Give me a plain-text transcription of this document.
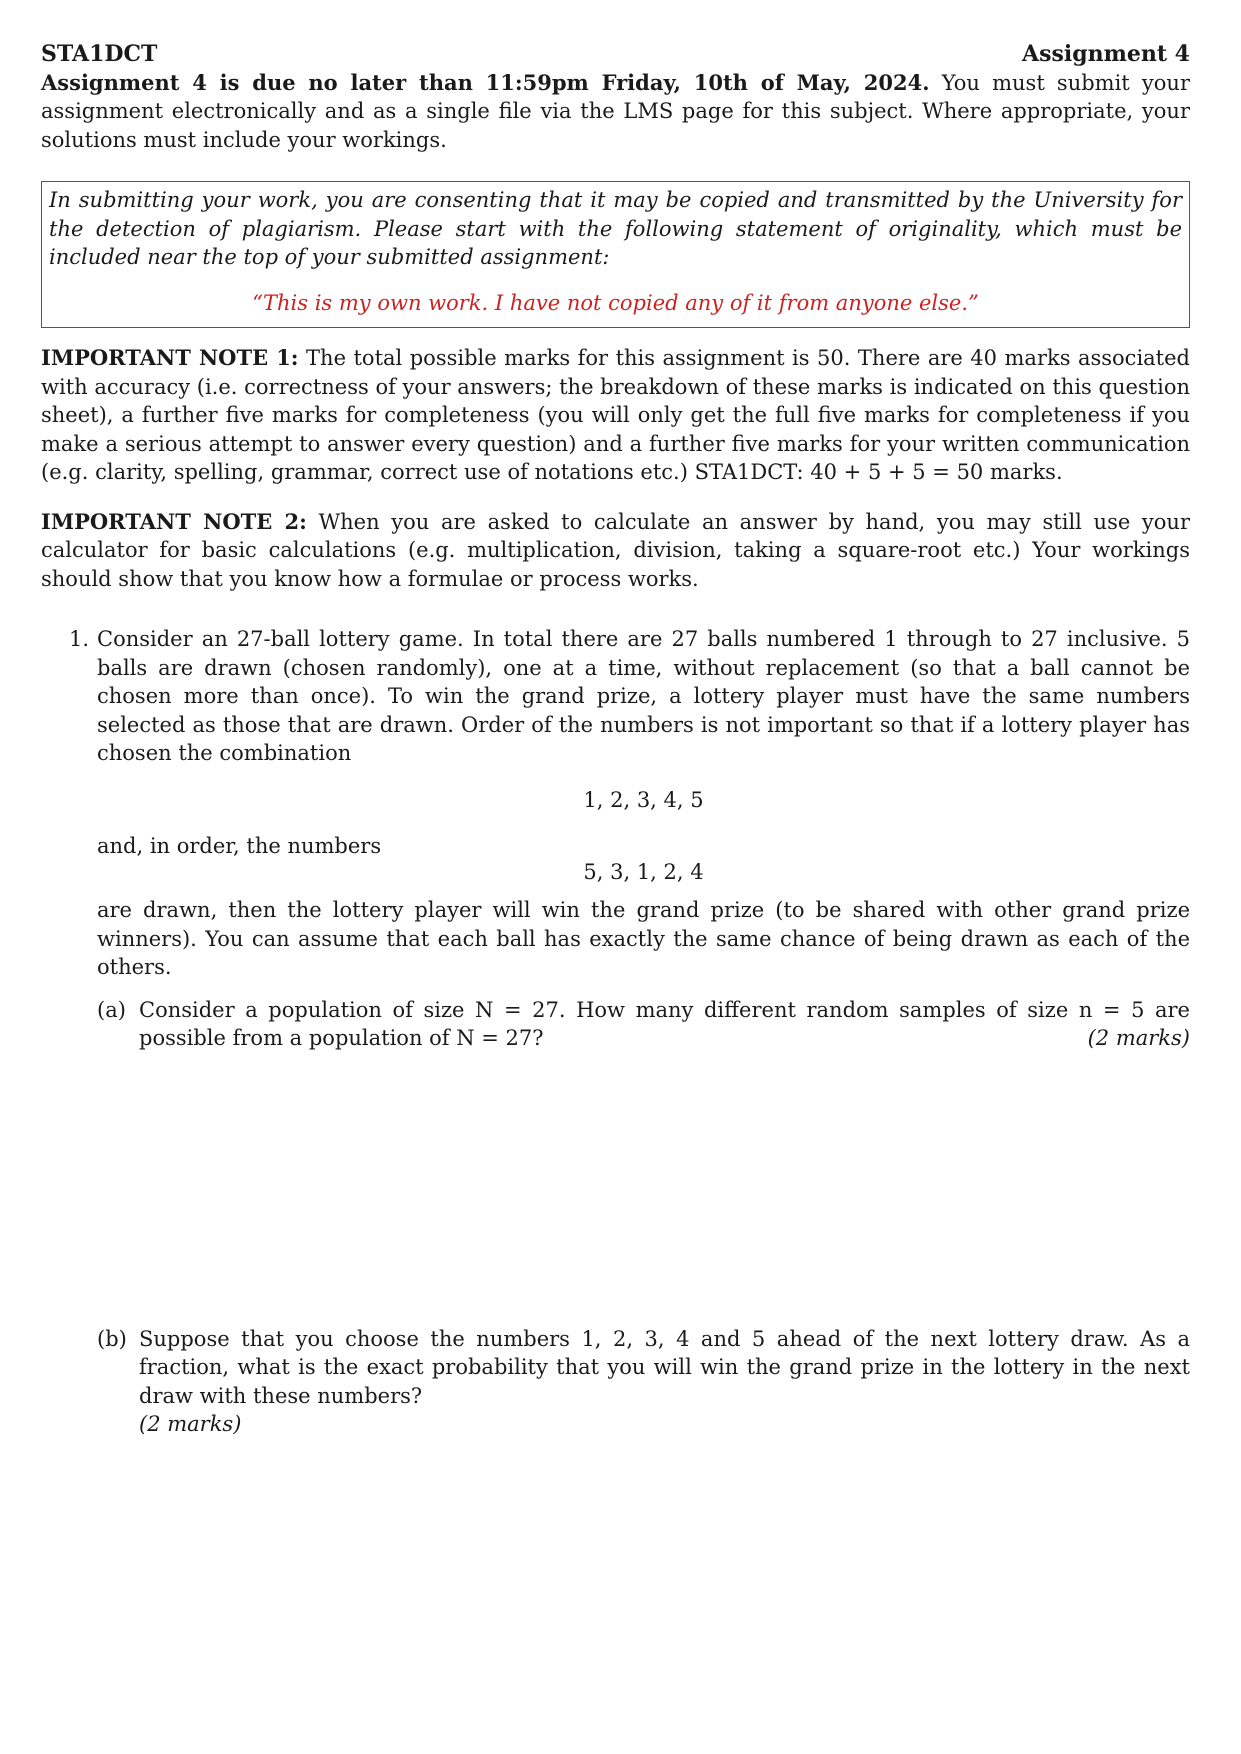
STA1DCT	Assignment 4

Assignment 4 is due no later than 11:59pm Friday, 10th of May, 2024. You must submit your assignment electronically and as a single file via the LMS page for this subject. Where appropriate, your solutions must include your workings.

In submitting your work, you are consenting that it may be copied and transmitted by the University for the detection of plagiarism. Please start with the following statement of originality, which must be included near the top of your submitted assignment:
“This is my own work. I have not copied any of it from anyone else.”

IMPORTANT NOTE 1: The total possible marks for this assignment is 50. There are 40 marks associated with accuracy (i.e. correctness of your answers; the breakdown of these marks is indicated on this question sheet), a further five marks for completeness (you will only get the full five marks for completeness if you make a serious attempt to answer every question) and a further five marks for your written communication (e.g. clarity, spelling, grammar, correct use of notations etc.) STA1DCT: 40 + 5 + 5 = 50 marks.

IMPORTANT NOTE 2: When you are asked to calculate an answer by hand, you may still use your calculator for basic calculations (e.g. multiplication, division, taking a square-root etc.) Your workings should show that you know how a formulae or process works.

1. Consider an 27-ball lottery game. In total there are 27 balls numbered 1 through to 27 inclusive. 5 balls are drawn (chosen randomly), one at a time, without replacement (so that a ball cannot be chosen more than once). To win the grand prize, a lottery player must have the same numbers selected as those that are drawn. Order of the numbers is not important so that if a lottery player has chosen the combination
1, 2, 3, 4, 5
and, in order, the numbers
5, 3, 1, 2, 4
are drawn, then the lottery player will win the grand prize (to be shared with other grand prize winners). You can assume that each ball has exactly the same chance of being drawn as each of the others.
(a) Consider a population of size N = 27. How many different random samples of size n = 5 are possible from a population of N = 27?	(2 marks)
(b) Suppose that you choose the numbers 1, 2, 3, 4 and 5 ahead of the next lottery draw. As a fraction, what is the exact probability that you will win the grand prize in the lottery in the next draw with these numbers?
(2 marks)
